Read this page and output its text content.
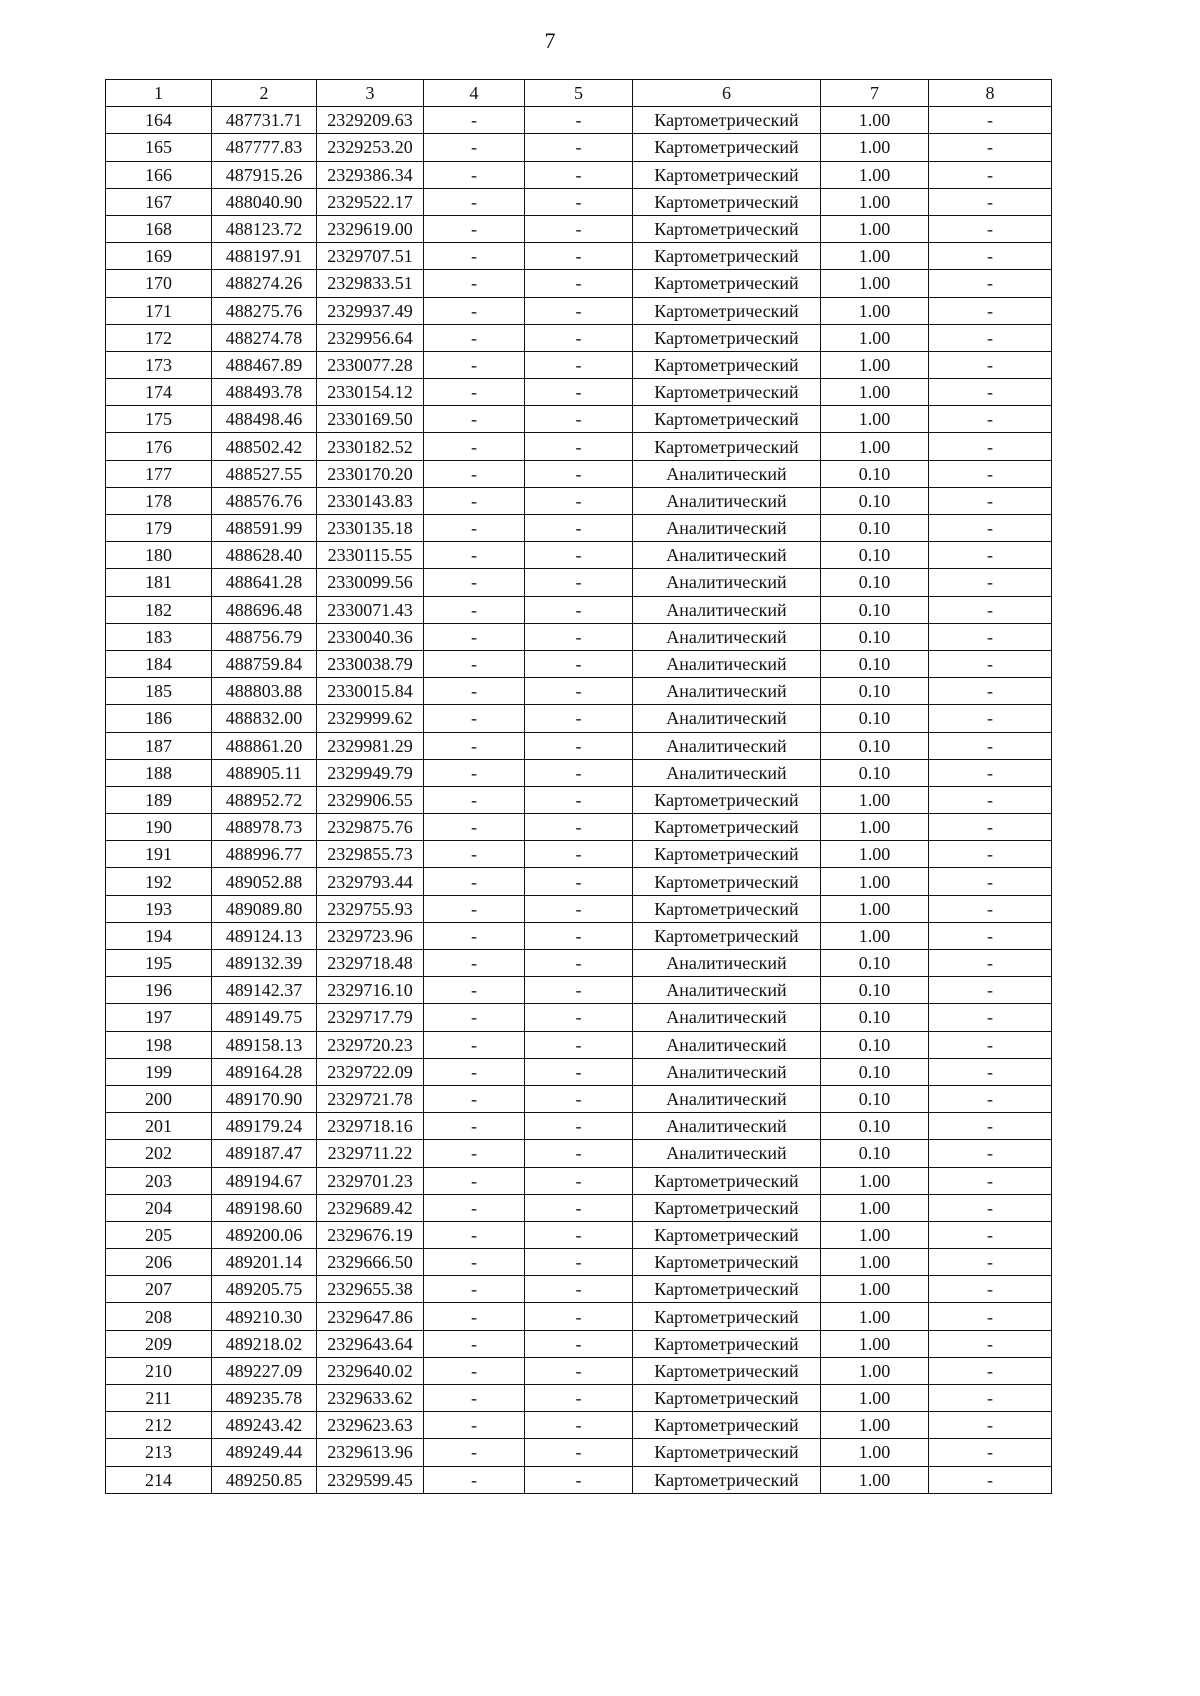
7
1	2	3	4	5	6	7	8
164	487731.71	2329209.63	-	-	Картометрический	1.00	-
165	487777.83	2329253.20	-	-	Картометрический	1.00	-
166	487915.26	2329386.34	-	-	Картометрический	1.00	-
167	488040.90	2329522.17	-	-	Картометрический	1.00	-
168	488123.72	2329619.00	-	-	Картометрический	1.00	-
169	488197.91	2329707.51	-	-	Картометрический	1.00	-
170	488274.26	2329833.51	-	-	Картометрический	1.00	-
171	488275.76	2329937.49	-	-	Картометрический	1.00	-
172	488274.78	2329956.64	-	-	Картометрический	1.00	-
173	488467.89	2330077.28	-	-	Картометрический	1.00	-
174	488493.78	2330154.12	-	-	Картометрический	1.00	-
175	488498.46	2330169.50	-	-	Картометрический	1.00	-
176	488502.42	2330182.52	-	-	Картометрический	1.00	-
177	488527.55	2330170.20	-	-	Аналитический	0.10	-
178	488576.76	2330143.83	-	-	Аналитический	0.10	-
179	488591.99	2330135.18	-	-	Аналитический	0.10	-
180	488628.40	2330115.55	-	-	Аналитический	0.10	-
181	488641.28	2330099.56	-	-	Аналитический	0.10	-
182	488696.48	2330071.43	-	-	Аналитический	0.10	-
183	488756.79	2330040.36	-	-	Аналитический	0.10	-
184	488759.84	2330038.79	-	-	Аналитический	0.10	-
185	488803.88	2330015.84	-	-	Аналитический	0.10	-
186	488832.00	2329999.62	-	-	Аналитический	0.10	-
187	488861.20	2329981.29	-	-	Аналитический	0.10	-
188	488905.11	2329949.79	-	-	Аналитический	0.10	-
189	488952.72	2329906.55	-	-	Картометрический	1.00	-
190	488978.73	2329875.76	-	-	Картометрический	1.00	-
191	488996.77	2329855.73	-	-	Картометрический	1.00	-
192	489052.88	2329793.44	-	-	Картометрический	1.00	-
193	489089.80	2329755.93	-	-	Картометрический	1.00	-
194	489124.13	2329723.96	-	-	Картометрический	1.00	-
195	489132.39	2329718.48	-	-	Аналитический	0.10	-
196	489142.37	2329716.10	-	-	Аналитический	0.10	-
197	489149.75	2329717.79	-	-	Аналитический	0.10	-
198	489158.13	2329720.23	-	-	Аналитический	0.10	-
199	489164.28	2329722.09	-	-	Аналитический	0.10	-
200	489170.90	2329721.78	-	-	Аналитический	0.10	-
201	489179.24	2329718.16	-	-	Аналитический	0.10	-
202	489187.47	2329711.22	-	-	Аналитический	0.10	-
203	489194.67	2329701.23	-	-	Картометрический	1.00	-
204	489198.60	2329689.42	-	-	Картометрический	1.00	-
205	489200.06	2329676.19	-	-	Картометрический	1.00	-
206	489201.14	2329666.50	-	-	Картометрический	1.00	-
207	489205.75	2329655.38	-	-	Картометрический	1.00	-
208	489210.30	2329647.86	-	-	Картометрический	1.00	-
209	489218.02	2329643.64	-	-	Картометрический	1.00	-
210	489227.09	2329640.02	-	-	Картометрический	1.00	-
211	489235.78	2329633.62	-	-	Картометрический	1.00	-
212	489243.42	2329623.63	-	-	Картометрический	1.00	-
213	489249.44	2329613.96	-	-	Картометрический	1.00	-
214	489250.85	2329599.45	-	-	Картометрический	1.00	-
